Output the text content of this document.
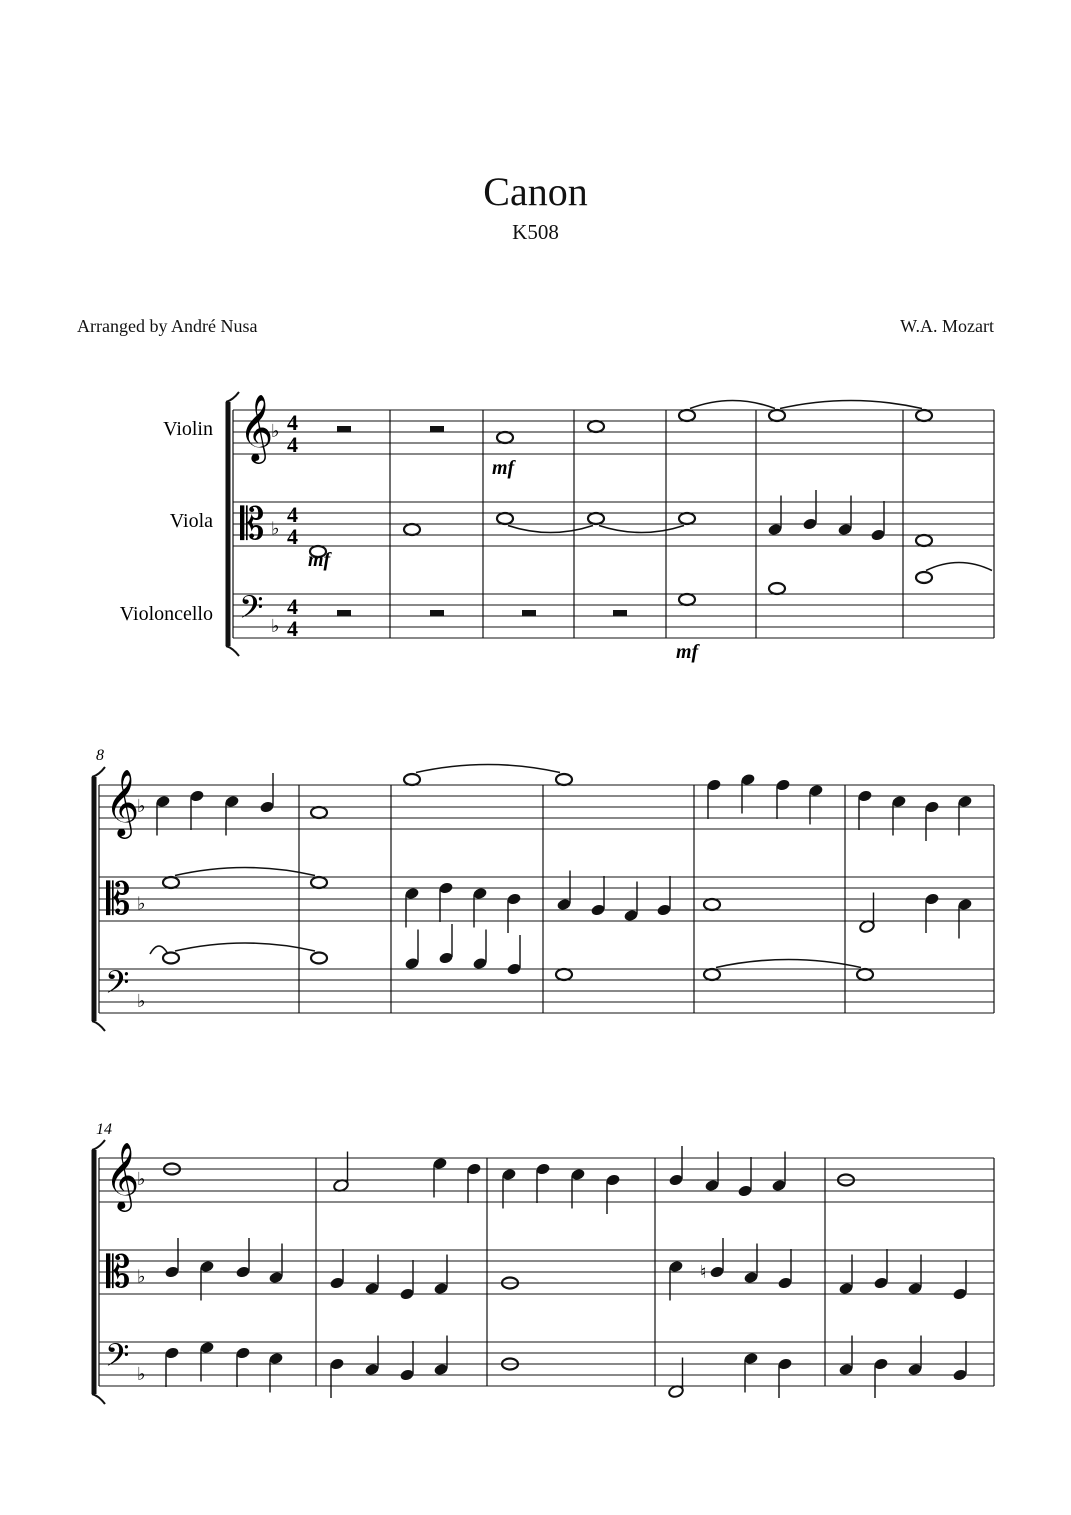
Canon
K508
Arranged by André Nusa	W.A. Mozart
Violin
Viola
Violoncello
8
14
𝄞
♭ 4
4
𝄡 ♭
4
4
𝄢 ♭
4
4
𝄞
♭
𝄡 ♭
𝄢 ♭
𝄞
♭
𝄡 ♭
𝄢 ♭
mf
mf
mf
♮
